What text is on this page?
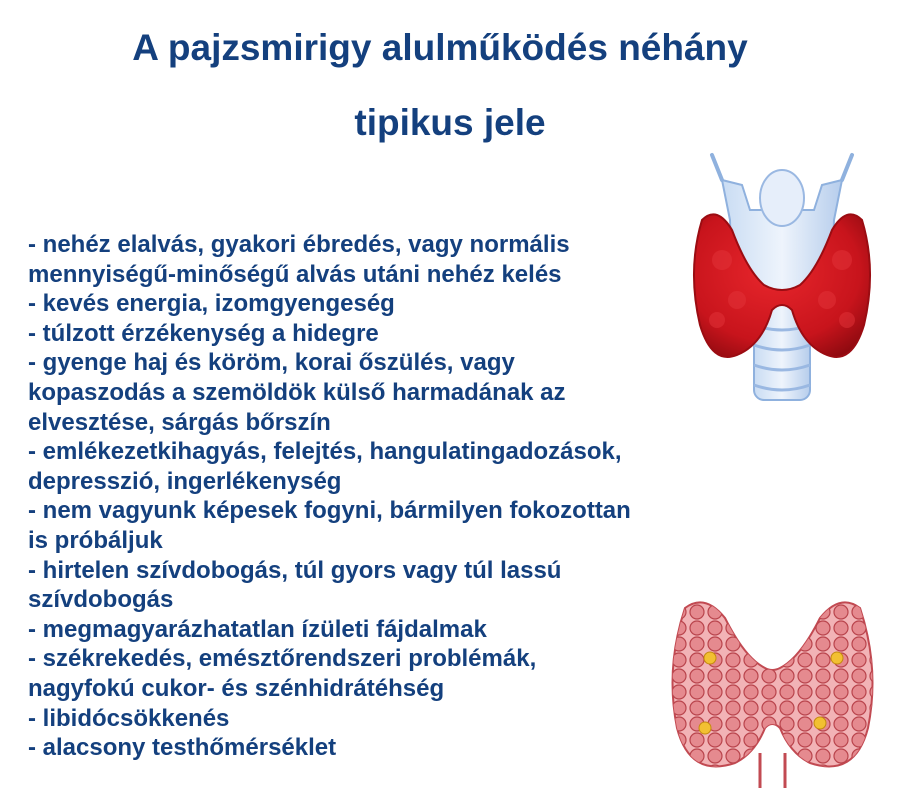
A pajzsmirigy alulműködés néhány
tipikus jele
- nehéz elalvás, gyakori ébredés, vagy normális
mennyiségű-minőségű alvás utáni nehéz kelés
- kevés energia, izomgyengeség
- túlzott érzékenység a hidegre
- gyenge haj és köröm, korai őszülés, vagy
kopaszodás a szemöldök külső harmadának az
elvesztése, sárgás bőrszín
- emlékezetkihagyás, felejtés, hangulatingadozások,
depresszió, ingerlékenység
- nem vagyunk képesek fogyni, bármilyen fokozottan
is próbáljuk
- hirtelen szívdobogás, túl gyors vagy túl lassú
szívdobogás
- megmagyarázhatatlan ízületi fájdalmak
- székrekedés, emésztőrendszeri problémák,
nagyfokú cukor- és szénhidrátéhség
- libidócsökkenés
- alacsony testhőmérséklet
